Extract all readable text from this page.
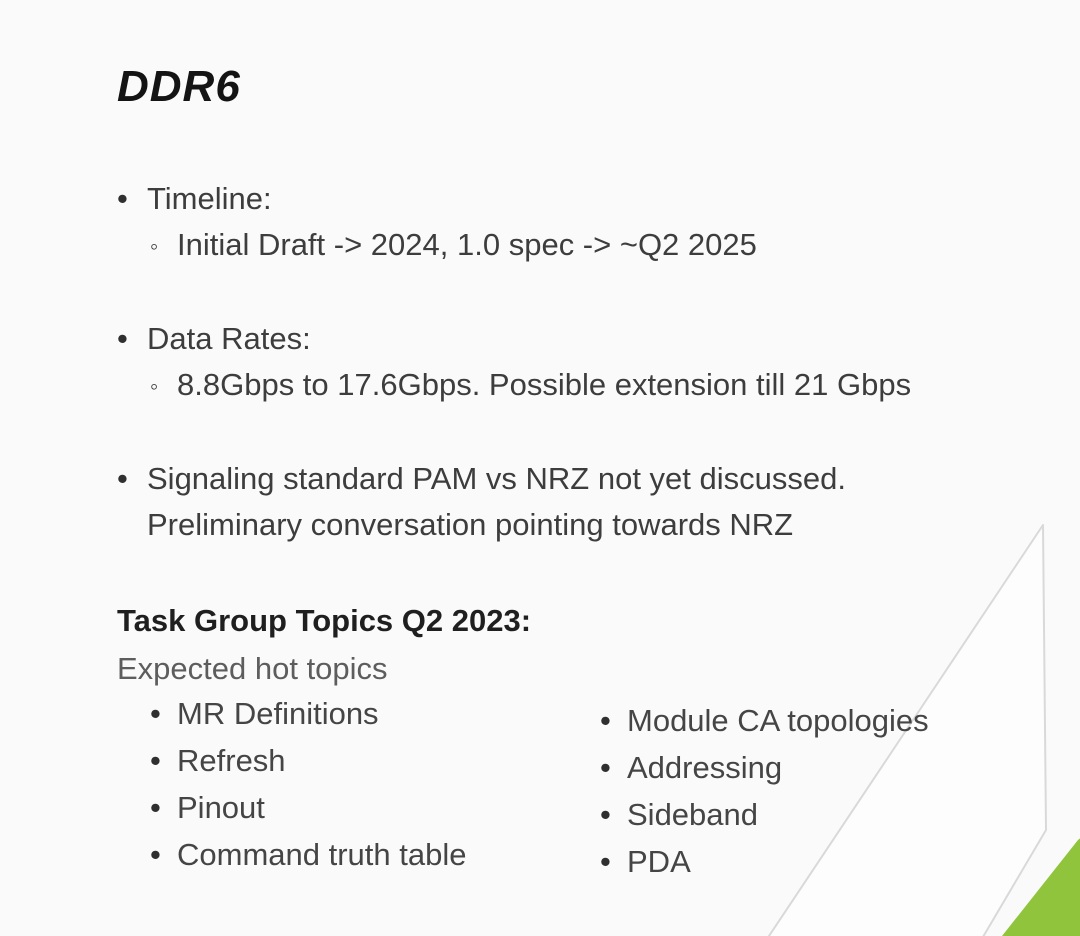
DDR6
• Timeline:
◦ Initial Draft -> 2024, 1.0 spec -> ~Q2 2025
• Data Rates:
◦ 8.8Gbps to 17.6Gbps. Possible extension till 21 Gbps
• Signaling standard PAM vs NRZ not yet discussed.
Preliminary conversation pointing towards NRZ
Task Group Topics Q2 2023:
Expected hot topics
• MR Definitions
• Refresh
• Pinout
• Command truth table
• Module CA topologies
• Addressing
• Sideband
• PDA
